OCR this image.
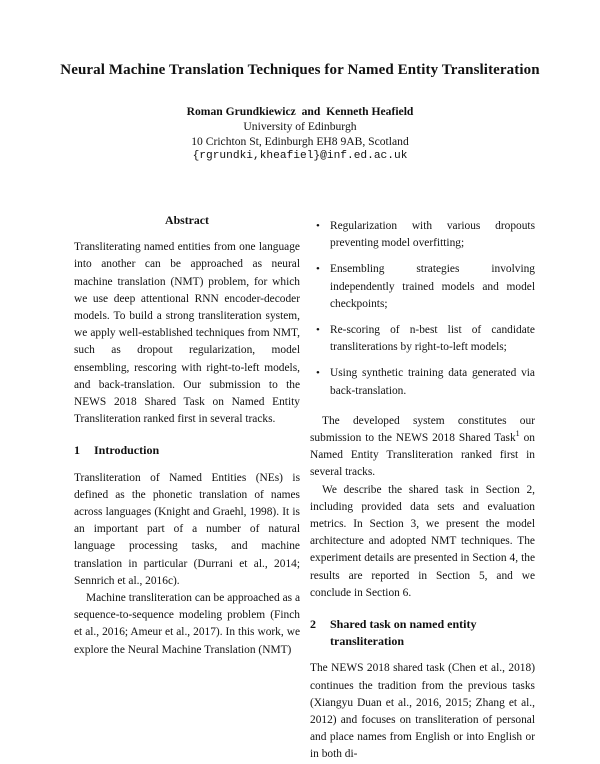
Neural Machine Translation Techniques for Named Entity Transliteration
Roman Grundkiewicz  and  Kenneth Heafield
University of Edinburgh
10 Crichton St, Edinburgh EH8 9AB, Scotland
{rgrundki,kheafiel}@inf.ed.ac.uk
Abstract

Transliterating named entities from one language into another can be approached as neural machine translation (NMT) problem, for which we use deep attentional RNN encoder-decoder models. To build a strong transliteration system, we apply well-established techniques from NMT, such as dropout regularization, model ensembling, rescoring with right-to-left models, and back-translation. Our submission to the NEWS 2018 Shared Task on Named Entity Transliteration ranked first in several tracks.

1	Introduction

Transliteration of Named Entities (NEs) is defined as the phonetic translation of names across languages (Knight and Graehl, 1998). It is an important part of a number of natural language processing tasks, and machine translation in particular (Durrani et al., 2014; Sennrich et al., 2016c).

Machine transliteration can be approached as a sequence-to-sequence modeling problem (Finch et al., 2016; Ameur et al., 2017). In this work, we explore the Neural Machine Translation (NMT)

• Regularization with various dropouts preventing model overfitting;
• Ensembling strategies involving independently trained models and model checkpoints;
• Re-scoring of n-best list of candidate transliterations by right-to-left models;
• Using synthetic training data generated via back-translation.

The developed system constitutes our submission to the NEWS 2018 Shared Task$^1$ on Named Entity Transliteration ranked first in several tracks.

We describe the shared task in Section 2, including provided data sets and evaluation metrics. In Section 3, we present the model architecture and adopted NMT techniques. The experiment details are presented in Section 4, the results are reported in Section 5, and we conclude in Section 6.

2	Shared task on named entity transliteration

The NEWS 2018 shared task (Chen et al., 2018) continues the tradition from the previous tasks (Xiangyu Duan et al., 2016, 2015; Zhang et al., 2012) and focuses on transliteration of personal and place names from English or into English or in both di-
